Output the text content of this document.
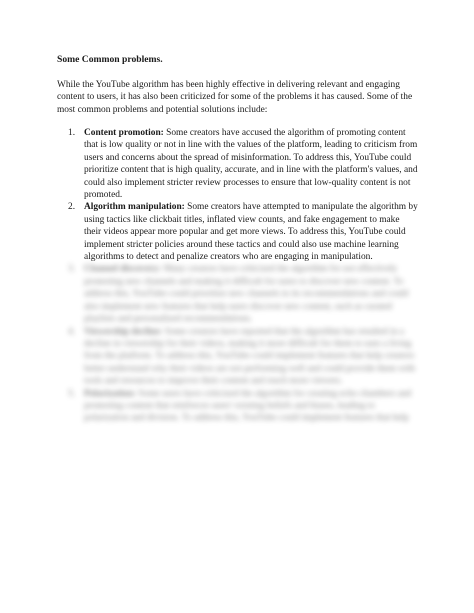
Some Common problems.
While the YouTube algorithm has been highly effective in delivering relevant and engaging content to users, it has also been criticized for some of the problems it has caused. Some of the most common problems and potential solutions include:
1. Content promotion: Some creators have accused the algorithm of promoting content that is low quality or not in line with the values of the platform, leading to criticism from users and concerns about the spread of misinformation. To address this, YouTube could prioritize content that is high quality, accurate, and in line with the platform's values, and could also implement stricter review processes to ensure that low-quality content is not promoted.
2. Algorithm manipulation: Some creators have attempted to manipulate the algorithm by using tactics like clickbait titles, inflated view counts, and fake engagement to make their videos appear more popular and get more views. To address this, YouTube could implement stricter policies around these tactics and could also use machine learning algorithms to detect and penalize creators who are engaging in manipulation.
3. Channel discovery: Many creators have criticized the algorithm for not effectively promoting new channels and making it difficult for users to discover new content. To address this, YouTube could prioritize new channels in its recommendations and could also implement new features that help users discover new content, such as curated playlists and personalized recommendations.
4. Viewership decline: Some creators have reported that the algorithm has resulted in a decline in viewership for their videos, making it more difficult for them to earn a living from the platform. To address this, YouTube could implement features that help creators better understand why their videos are not performing well and could provide them with tools and resources to improve their content and reach more viewers.
5. Polarization: Some users have criticized the algorithm for creating echo chambers and promoting content that reinforces users' existing beliefs and biases, leading to polarization and division. To address this, YouTube could implement features that help
